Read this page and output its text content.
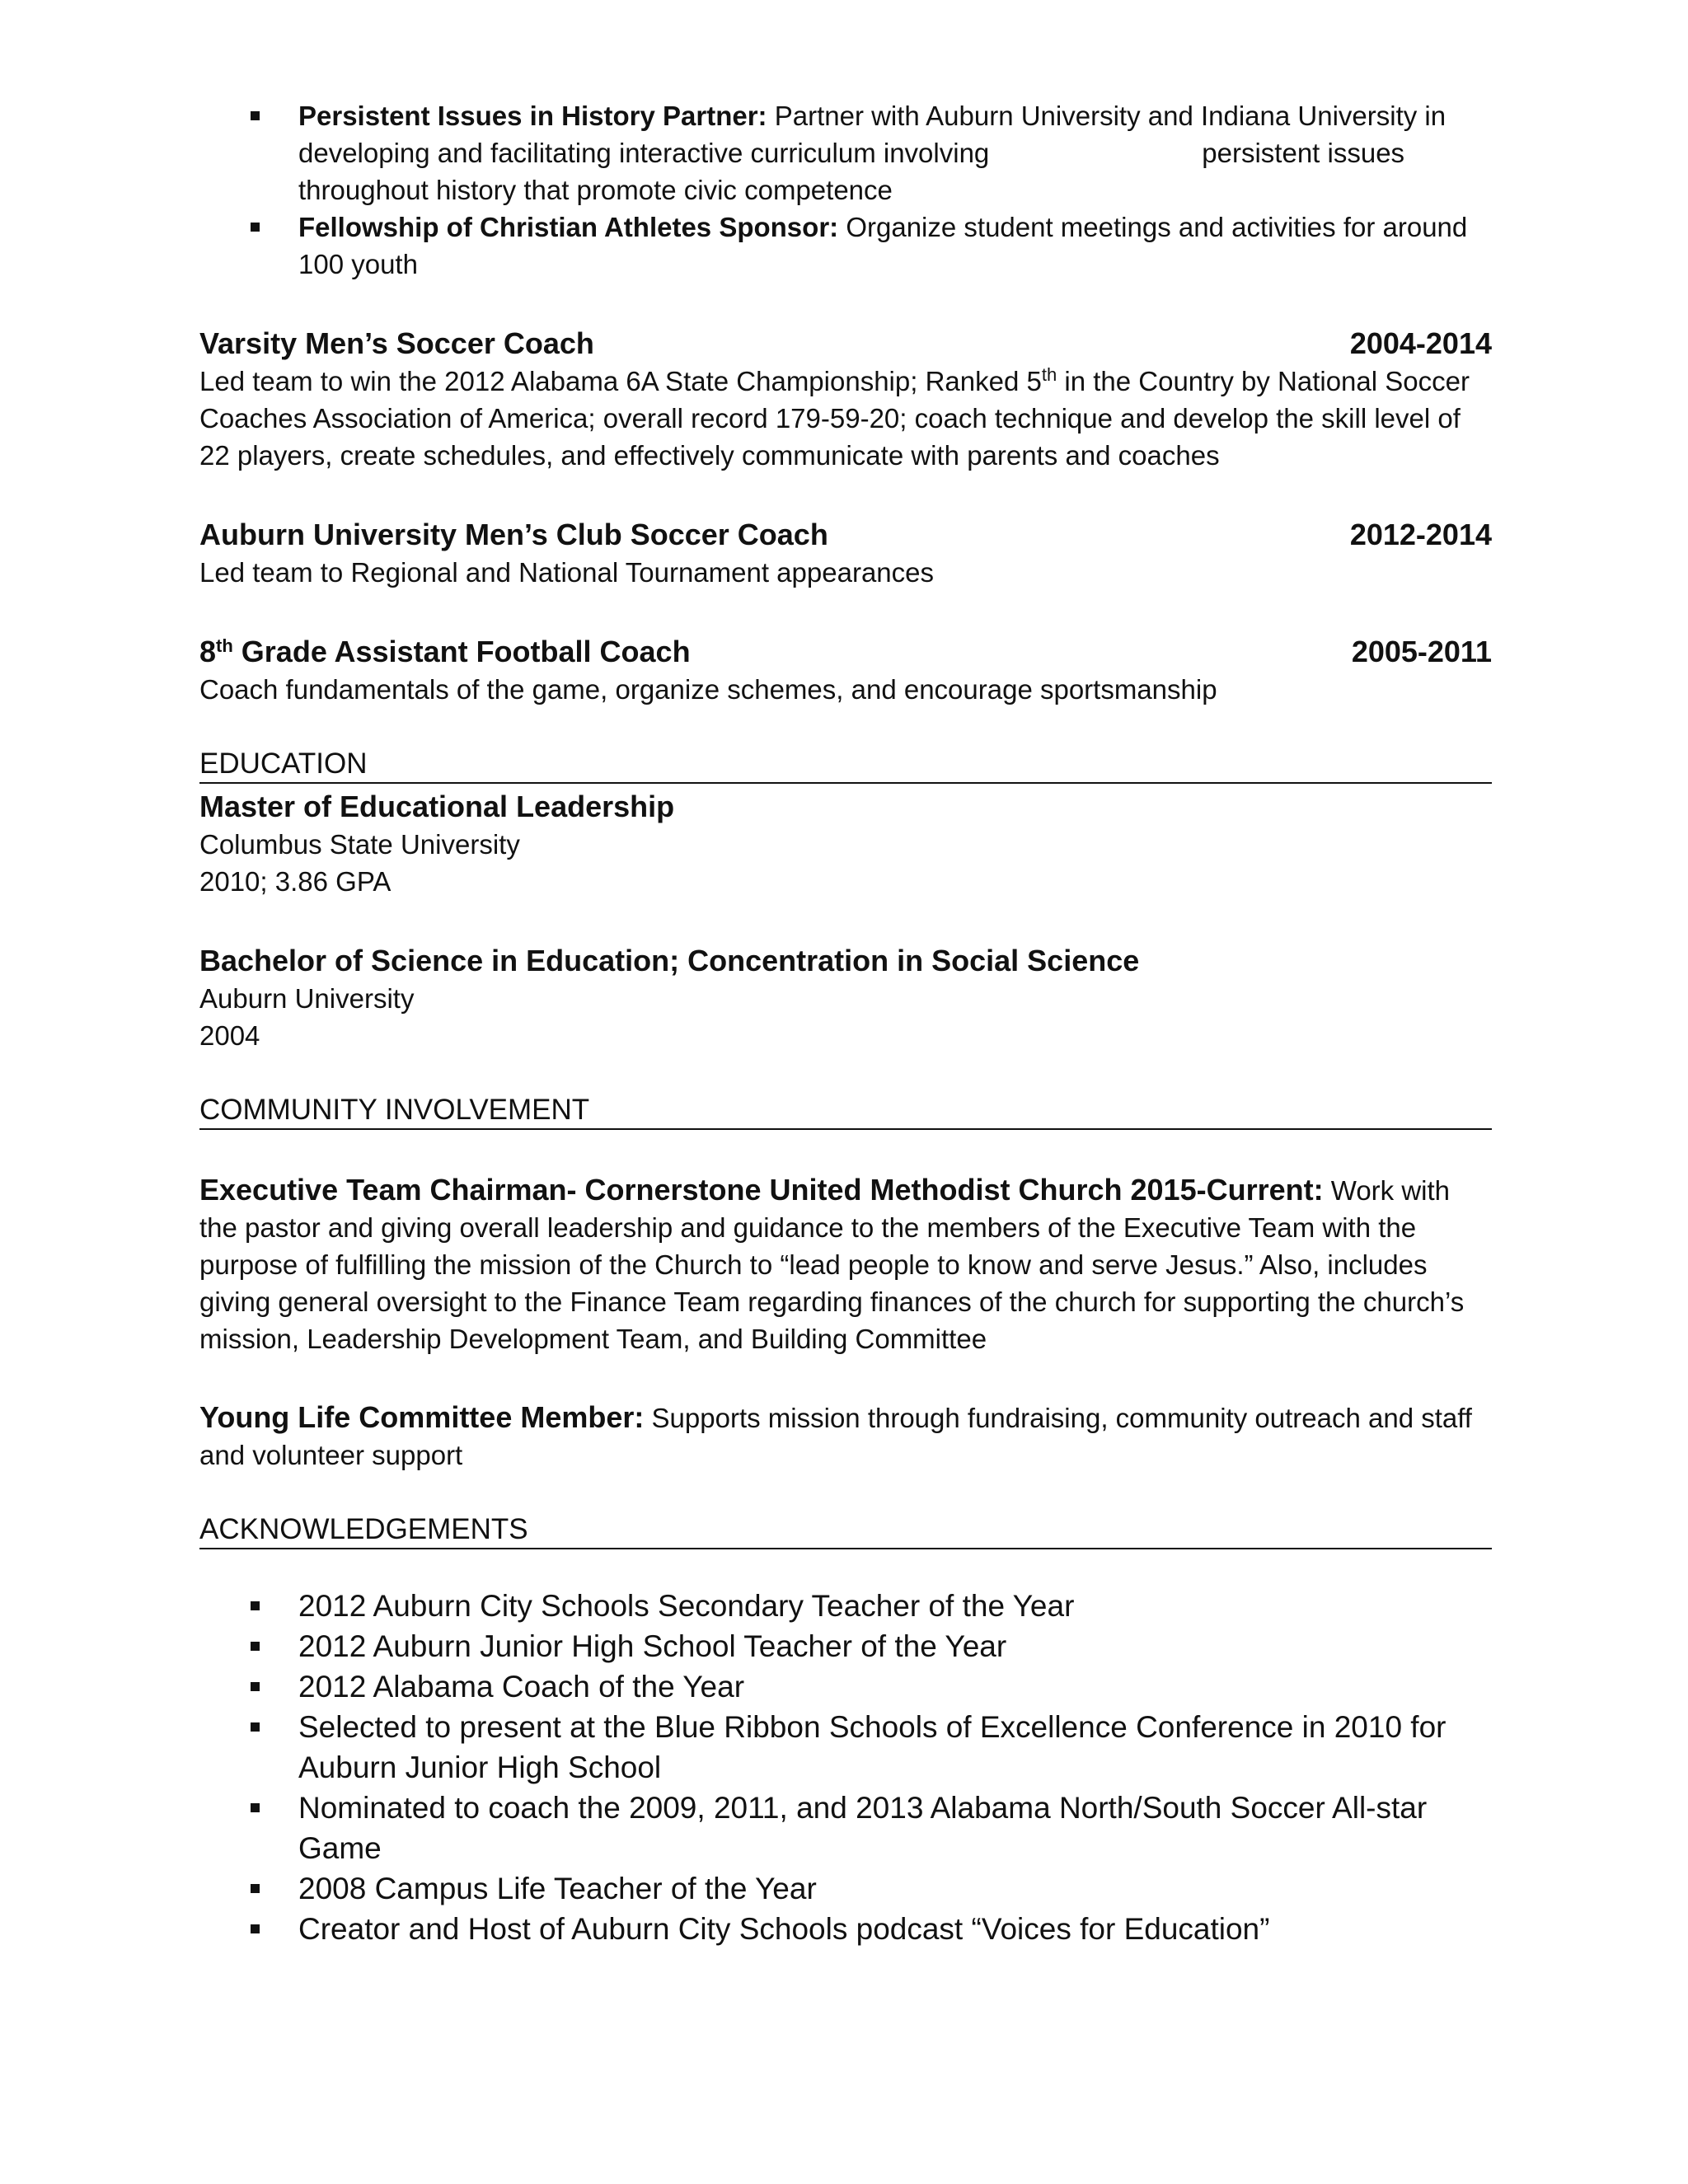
Persistent Issues in History Partner: Partner with Auburn University and Indiana University in developing and facilitating interactive curriculum involving	persistent issues throughout history that promote civic competence
Fellowship of Christian Athletes Sponsor: Organize student meetings and activities for around 100 youth
Varsity Men’s Soccer Coach	2004-2014
Led team to win the 2012 Alabama 6A State Championship; Ranked 5th in the Country by National Soccer Coaches Association of America; overall record 179-59-20; coach technique and develop the skill level of 22 players, create schedules, and effectively communicate with parents and coaches
Auburn University Men’s Club Soccer Coach	2012-2014
Led team to Regional and National Tournament appearances
8th Grade Assistant Football Coach	2005-2011
Coach fundamentals of the game, organize schemes, and encourage sportsmanship
EDUCATION
Master of Educational Leadership
Columbus State University
2010; 3.86 GPA
Bachelor of Science in Education; Concentration in Social Science
Auburn University
2004
COMMUNITY INVOLVEMENT
Executive Team Chairman- Cornerstone United Methodist Church 2015-Current: Work with the pastor and giving overall leadership and guidance to the members of the Executive Team with the purpose of fulfilling the mission of the Church to “lead people to know and serve Jesus.” Also, includes giving general oversight to the Finance Team regarding finances of the church for supporting the church’s mission, Leadership Development Team, and Building Committee
Young Life Committee Member: Supports mission through fundraising, community outreach and staff and volunteer support
ACKNOWLEDGEMENTS
2012 Auburn City Schools Secondary Teacher of the Year
2012 Auburn Junior High School Teacher of the Year
2012 Alabama Coach of the Year
Selected to present at the Blue Ribbon Schools of Excellence Conference in 2010 for Auburn Junior High School
Nominated to coach the 2009, 2011, and 2013 Alabama North/South Soccer All-star Game
2008 Campus Life Teacher of the Year
Creator and Host of Auburn City Schools podcast “Voices for Education”
